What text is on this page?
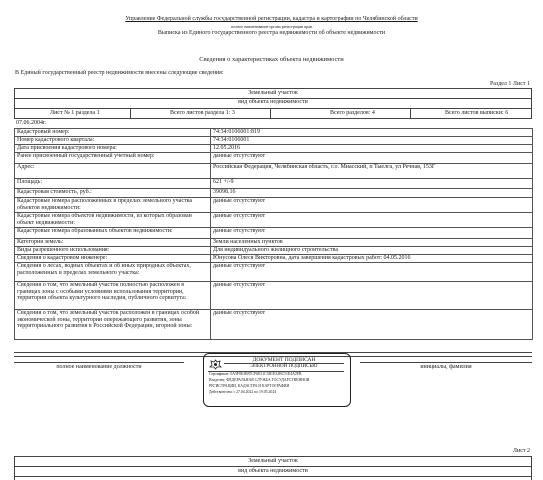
Управление Федеральной службы государственной регистрации, кадастра и картографии по Челябинской области
полное наименование органа регистрации прав
Выписка из Единого государственного реестра недвижимости об объекте недвижимости
Сведения о характеристиках объекта недвижимости
В Единый государственный реестр недвижимости внесены следующие сведения:
Раздел 1 Лист 1
Земельный участок
вид объекта недвижимости
Лист № 1 раздела 1	Всего листов раздела 1: 3	Всего разделов: 4	Всего листов выписки: 6
07.06.2004г.
Кадастровый номер:	74:34:0106001:819
Номер кадастрового квартала:	74:34:0106001
Дата присвоения кадастрового номера:	12.05.2016
Ранее присвоенный государственный учетный номер:	данные отсутствуют
Адрес:	Российская Федерация, Челябинская область, г.о. Миасский, п Тыелга, ул Речная, 153Г
Площадь:	621 +/-9
Кадастровая стоимость, руб.:	39098.16
Кадастровые номера расположенных в пределах земельного участка объектов недвижимости:	данные отсутствуют
Кадастровые номера объектов недвижимости, из которых образован объект недвижимости:	данные отсутствуют
Кадастровые номера образованных объектов недвижимости:	данные отсутствуют
Категория земель:	Земли населенных пунктов
Виды разрешенного использования:	Для индивидуального жилищного строительства
Сведения о кадастровом инженере:	Юнусова Олеся Викторовна, дата завершения кадастровых работ: 04.05.2016
Сведения о лесах, водных объектах и об иных природных объектах, расположенных в пределах земельного участка:	данные отсутствуют
Сведения о том, что земельный участок полностью расположен в границах зоны с особыми условиями использования территории, территории объекта культурного наследия, публичного сервитута:	данные отсутствуют
Сведения о том, что земельный участок расположен в границах особой экономической зоны, территории опережающего развития, зоны территориального развития в Российской Федерации, игорной зоны:	данные отсутствуют
полное наименование должности	инициалы, фамилия
ДОКУМЕНТ ПОДПИСАН
ЭЛЕКТРОННОЙ ПОДПИСЬЮ
Сертификат: 0A5F0E3B87CF6E31C3B1E32BC51E4A2FB
Владелец: ФЕДЕРАЛЬНАЯ СЛУЖБА ГОСУДАРСТВЕННОЙ
РЕГИСТРАЦИИ, КАДАСТРА И КАРТОГРАФИИ
Действителен: с 27.04.2022 по 19.05.2024
Лист 2
Земельный участок
вид объекта недвижимости
